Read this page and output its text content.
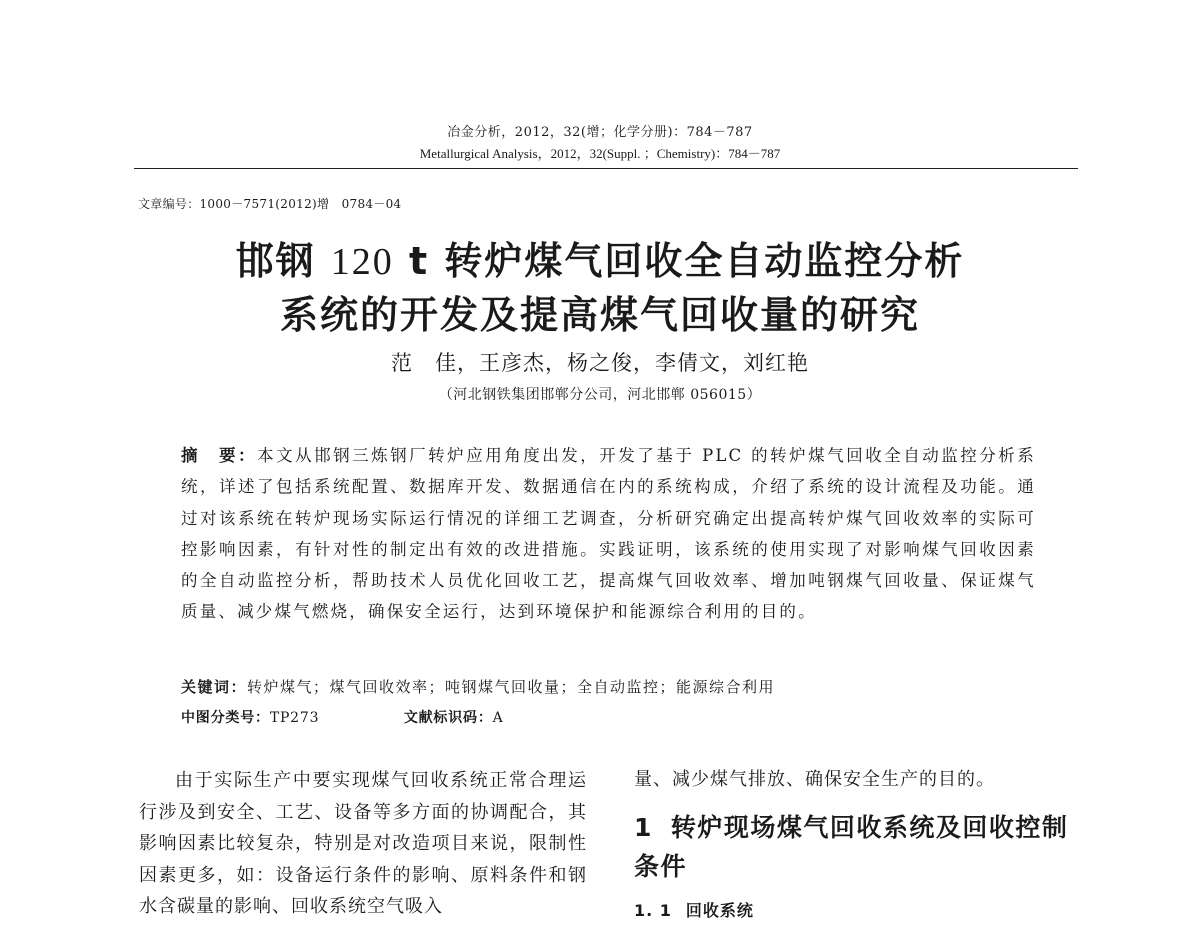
冶金分析，2012，32(增；化学分册)：784－787
Metallurgical Analysis，2012，32(Suppl. ；Chemistry)：784－787
文章编号：1000－7571(2012)增　0784－04
邯钢 120 t 转炉煤气回收全自动监控分析
系统的开发及提高煤气回收量的研究
范　佳，王彦杰，杨之俊，李倩文，刘红艳
（河北钢铁集团邯郸分公司，河北邯郸 056015）
摘　要：本文从邯钢三炼钢厂转炉应用角度出发，开发了基于 PLC 的转炉煤气回收全自动监控分析系统，详述了包括系统配置、数据库开发、数据通信在内的系统构成，介绍了系统的设计流程及功能。通过对该系统在转炉现场实际运行情况的详细工艺调查，分析研究确定出提高转炉煤气回收效率的实际可控影响因素，有针对性的制定出有效的改进措施。实践证明，该系统的使用实现了对影响煤气回收因素的全自动监控分析，帮助技术人员优化回收工艺，提高煤气回收效率、增加吨钢煤气回收量、保证煤气质量、减少煤气燃烧，确保安全运行，达到环境保护和能源综合利用的目的。
关键词：转炉煤气；煤气回收效率；吨钢煤气回收量；全自动监控；能源综合利用
中图分类号：TP273	文献标识码：A
由于实际生产中要实现煤气回收系统正常合理运行涉及到安全、工艺、设备等多方面的协调配合，其影响因素比较复杂，特别是对改造项目来说，限制性因素更多，如：设备运行条件的影响、原料条件和钢水含碳量的影响、回收系统空气吸入
量、减少煤气排放、确保安全生产的目的。
1 转炉现场煤气回收系统及回收控制条件
1. 1 回收系统
